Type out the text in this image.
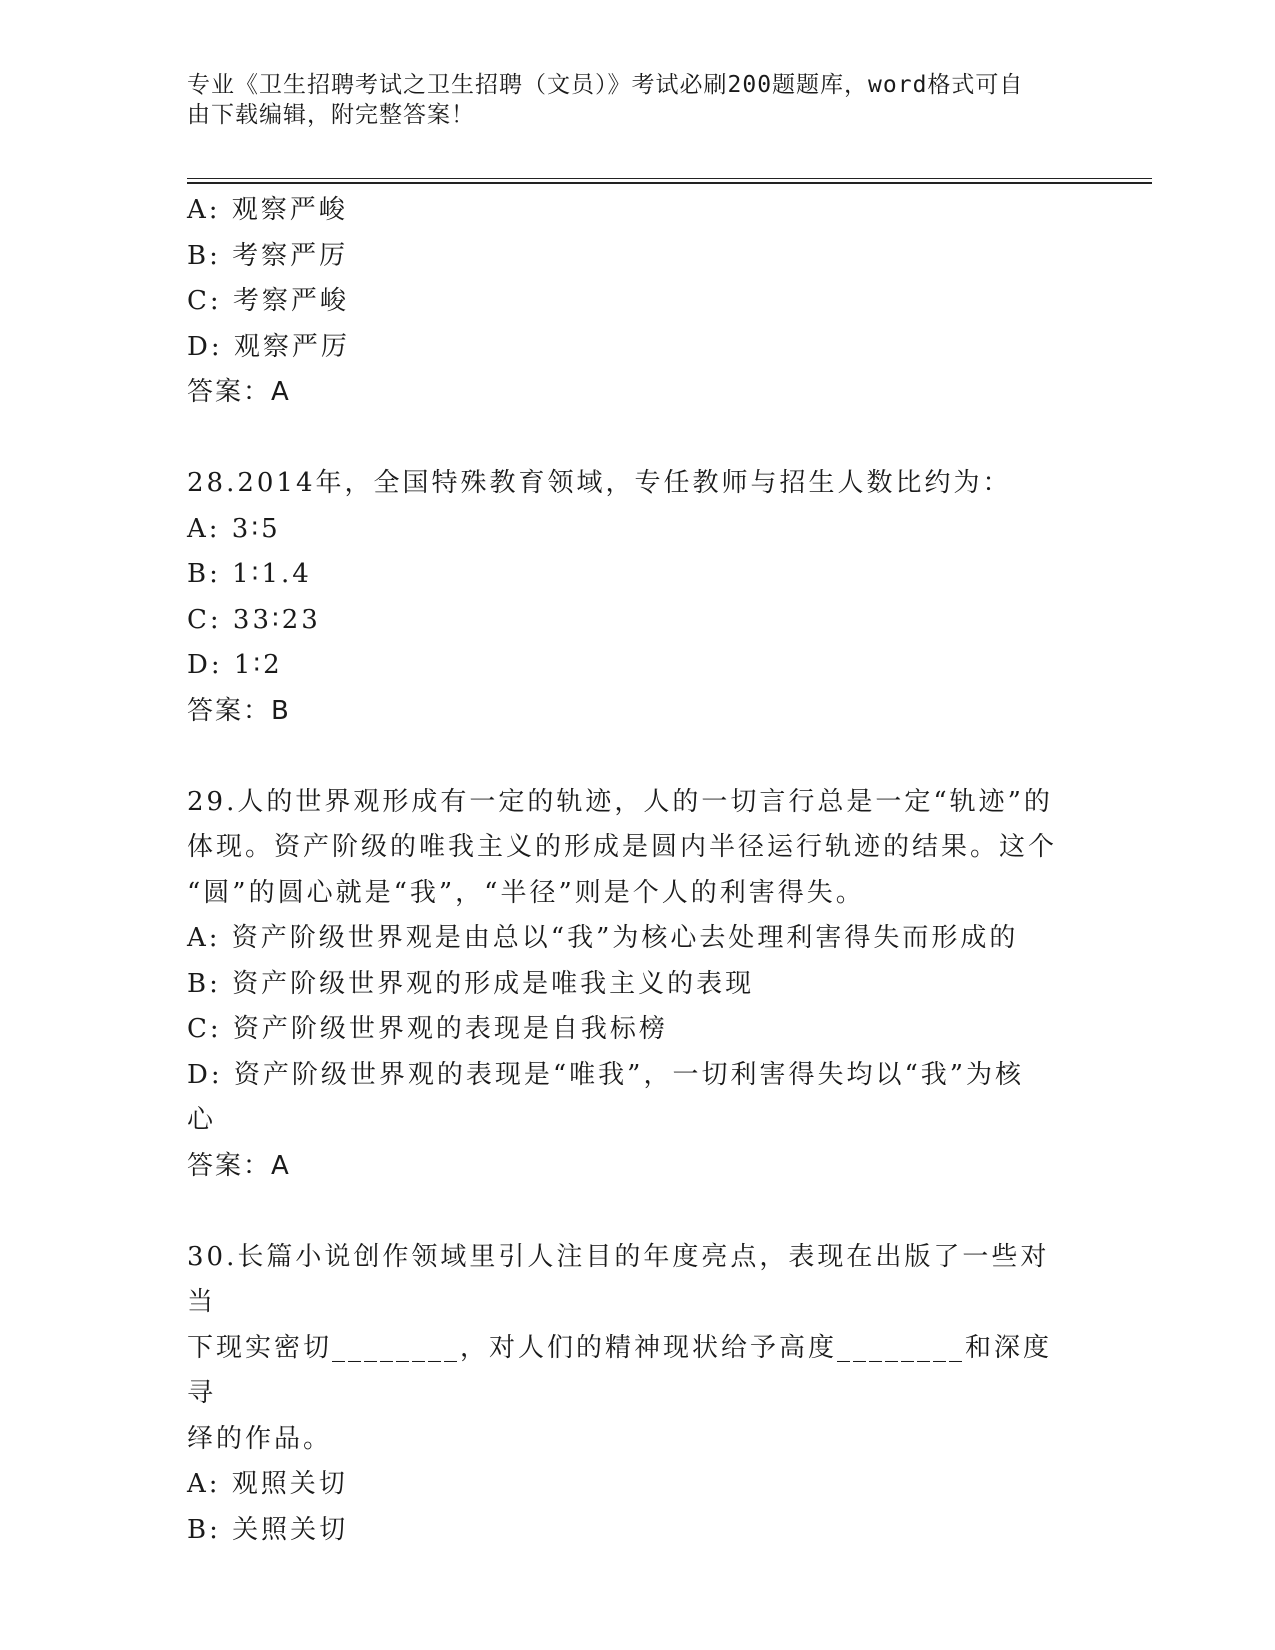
专业《卫生招聘考试之卫生招聘（文员）》考试必刷200题题库，word格式可自
由下载编辑，附完整答案！
A: 观察严峻
B: 考察严厉
C: 考察严峻
D: 观察严厉
答案：A
28.2014年，全国特殊教育领域，专任教师与招生人数比约为：
A: 3∶5
B: 1∶1.4
C: 33∶23
D: 1∶2
答案：B
29.人的世界观形成有一定的轨迹，人的一切言行总是一定“轨迹”的
体现。资产阶级的唯我主义的形成是圆内半径运行轨迹的结果。这个
“圆”的圆心就是“我”，“半径”则是个人的利害得失。
A: 资产阶级世界观是由总以“我”为核心去处理利害得失而形成的
B: 资产阶级世界观的形成是唯我主义的表现
C: 资产阶级世界观的表现是自我标榜
D: 资产阶级世界观的表现是“唯我”，一切利害得失均以“我”为核
心
答案：A
30.长篇小说创作领域里引人注目的年度亮点，表现在出版了一些对当
下现实密切________，对人们的精神现状给予高度________和深度寻
绎的作品。
A: 观照关切
B: 关照关切
